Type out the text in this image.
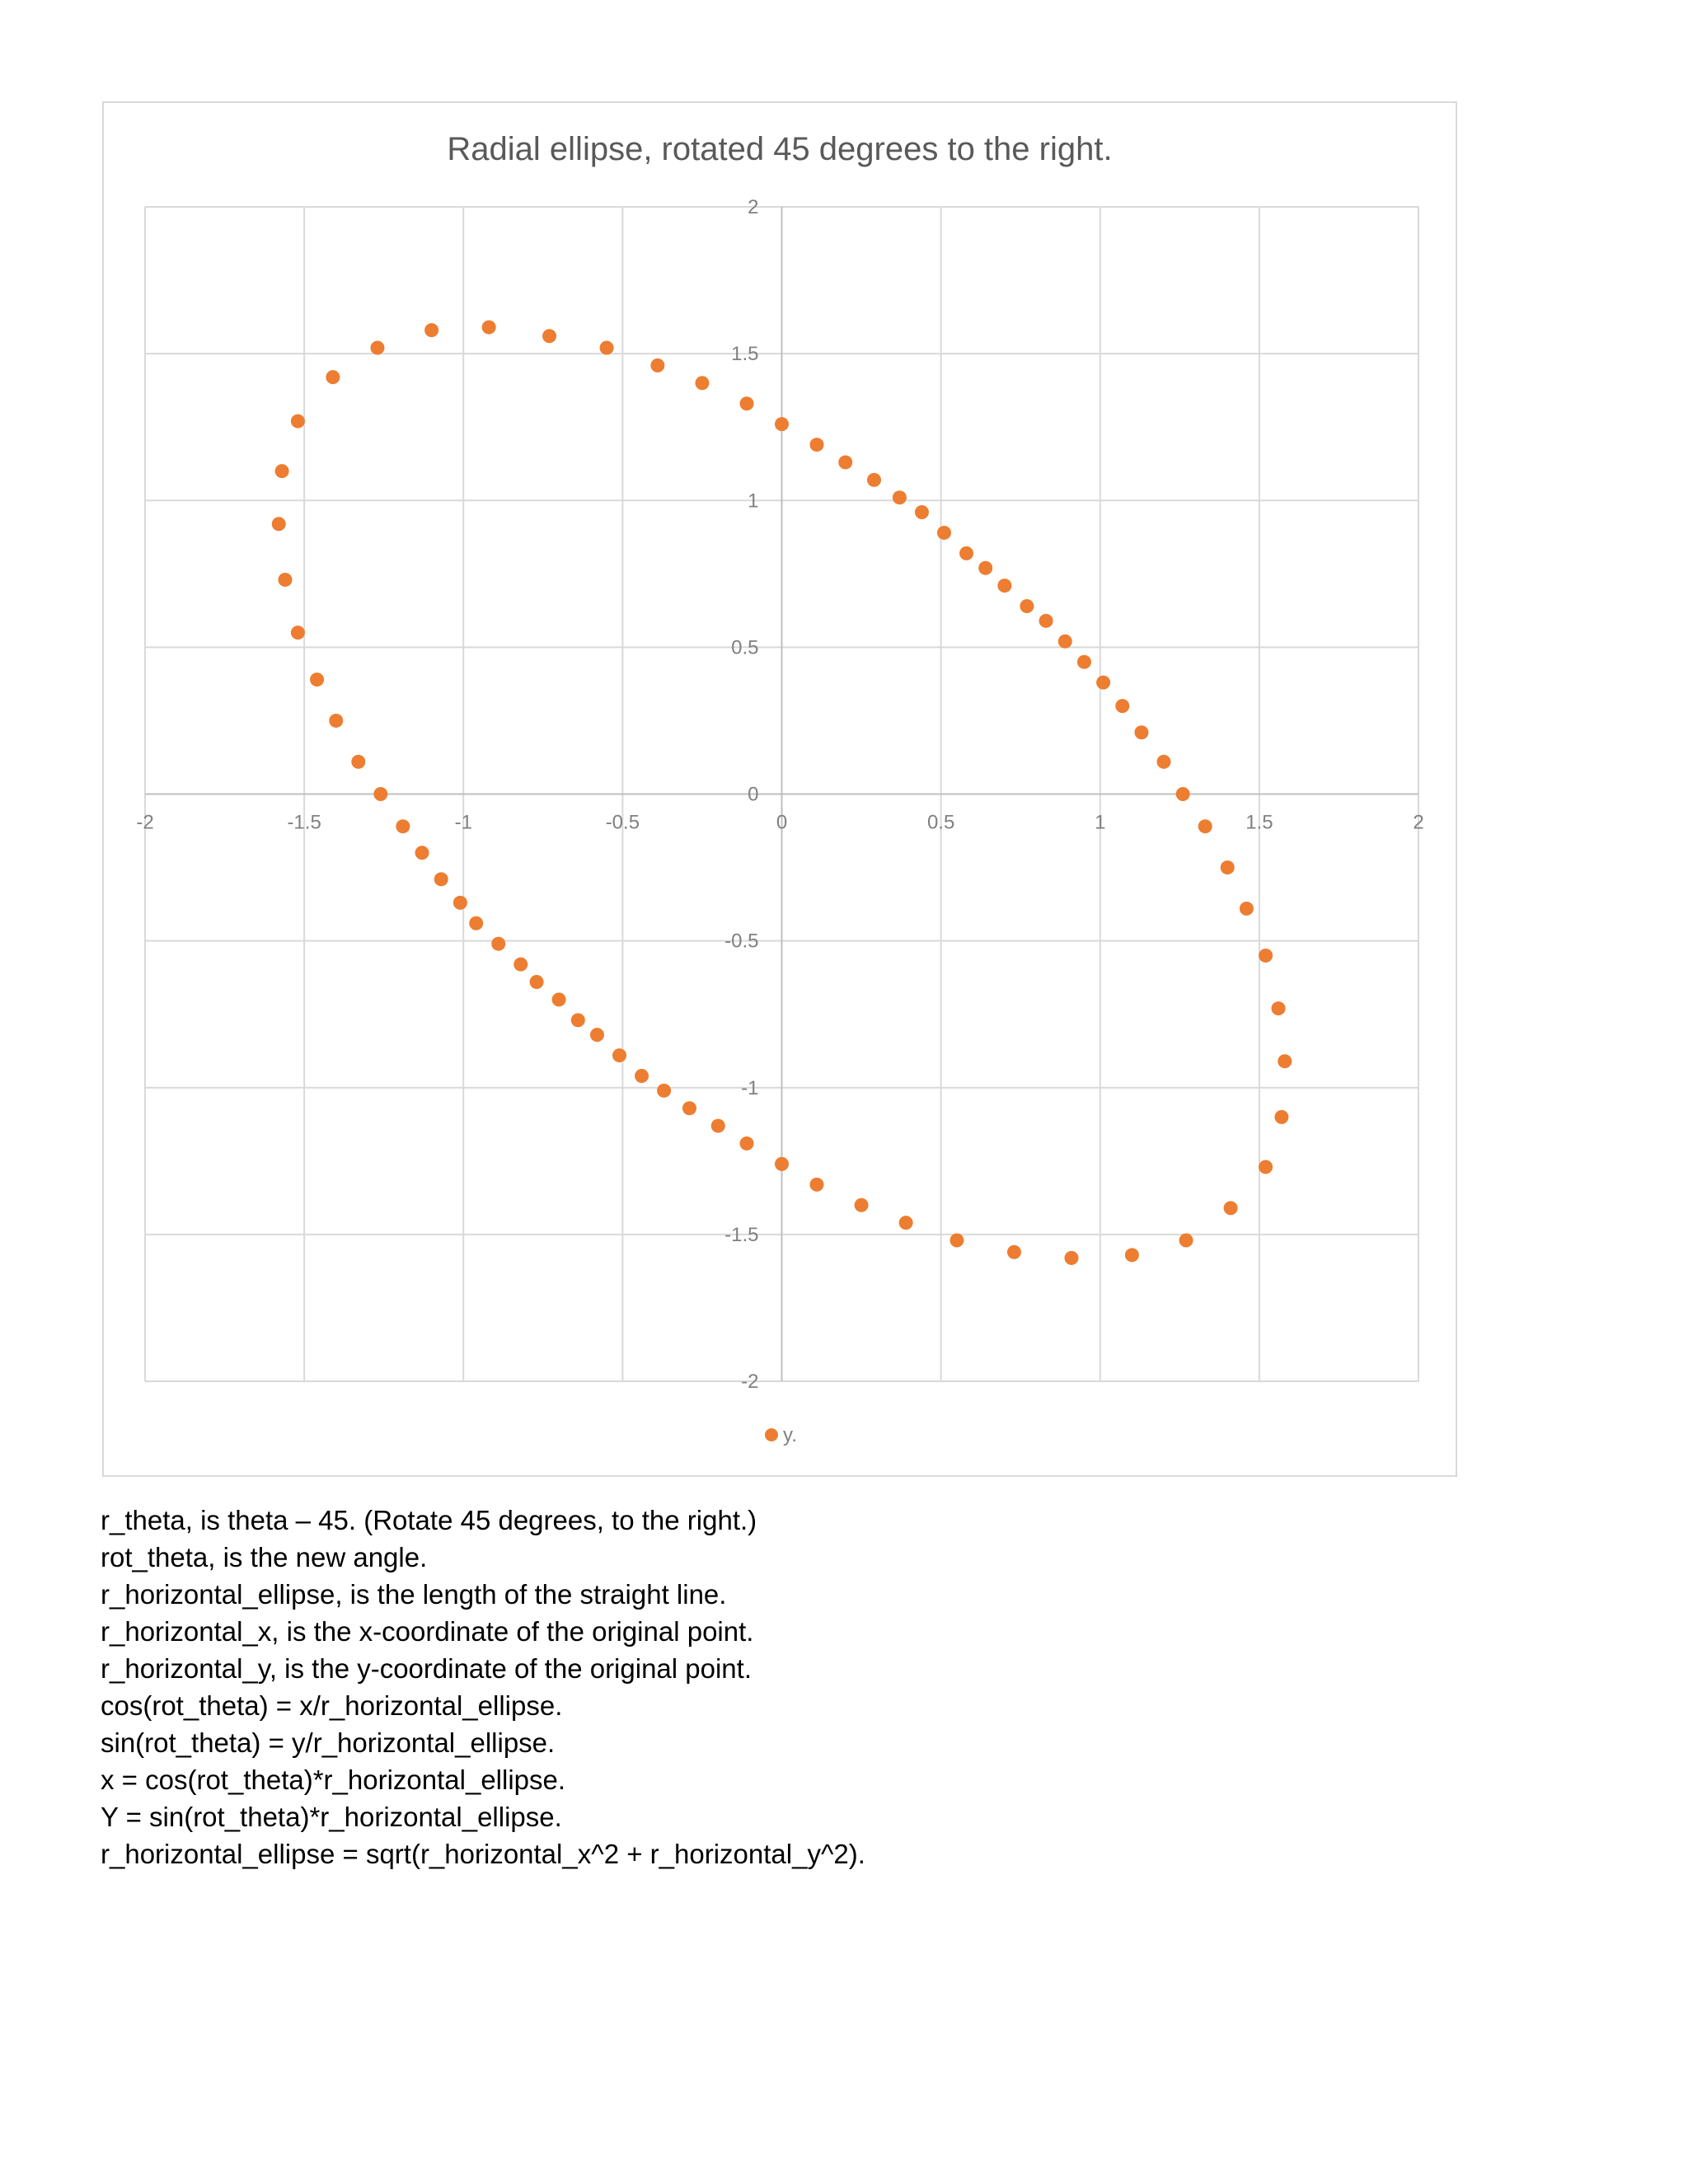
Radial ellipse, rotated 45 degrees to the right.
-2	-1.5	-1	-0.5	0	0.5	1	1.5	2
2
1.5
1
0.5
0
-0.5
-1
-1.5
-2
y.
r_theta, is theta – 45. (Rotate 45 degrees, to the right.)
rot_theta, is the new angle.
r_horizontal_ellipse, is the length of the straight line.
r_horizontal_x, is the x-coordinate of the original point.
r_horizontal_y, is the y-coordinate of the original point.
cos(rot_theta) = x/r_horizontal_ellipse.
sin(rot_theta) = y/r_horizontal_ellipse.
x = cos(rot_theta)*r_horizontal_ellipse.
Y = sin(rot_theta)*r_horizontal_ellipse.
r_horizontal_ellipse = sqrt(r_horizontal_x^2 + r_horizontal_y^2).
